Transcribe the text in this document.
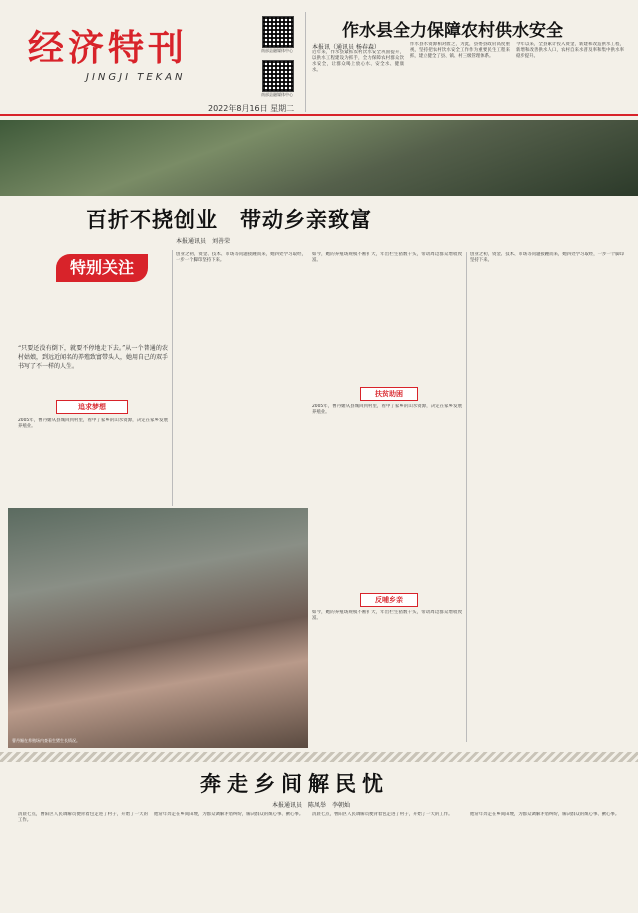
经济特刊
JINGJI TEKAN
2022年8月16日 星期二
南部县融媒体中心
南部县融媒体中心
作水县全力保障农村供水安全
本报讯（通讯员 杨春森）
近年来，作水县紧抓农村饮水安全巩固提升，以供水工程建设为抓手，全力保障农村群众饮水安全，让群众喝上放心水、安全水、健康水。
作水县水资源相对匮乏，为此，县委县政府高度重视，坚持把农村饮水安全工作作为重要民生工程来抓，建立健全了县、镇、村三级管理体系。
今年以来，全县累计投入资金，新建和改造供水工程，新增和改善供水人口，农村自来水普及率和集中供水率稳步提升。
百折不挠创业　带动乡亲致富
本报通讯员　刘善荣
特别关注
“只要还没有倒下，就要不停地走下去。”从一个普通的农村姑娘，到远近闻名的养殖致富带头人，她用自己的双手书写了不一样的人生。
追求梦想
2005年，曹丹媚从县城回到村里，看中了家乡的山水资源，决定在家乡发展养殖业。
创业之初，资金、技术、市场等问题接踵而来，她四处学习取经，一步一个脚印坚持下来。
如今，她的养殖场规模不断扩大，年出栏生猪数千头，带动周边群众增收致富。
扶贫助困
2005年，曹丹媚从县城回到村里，看中了家乡的山水资源，决定在家乡发展养殖业。
创业之初，资金、技术、市场等问题接踵而来，她四处学习取经，一步一个脚印坚持下来。
曹丹媚在养殖场内查看生猪生长情况。
反哺乡亲
如今，她的养殖场规模不断扩大，年出栏生猪数千头，带动周边群众增收致富。
奔走乡间解民忧
本报通讯员　陈凤举　李朝灿
清晨七点，曹阳区人民调解员便背着包走进了村子，开始了一天的工作。
他常年奔走在乡间田埂，为群众调解矛盾纠纷，解决群众的烦心事、揪心事。 清晨七点，曹阳区人民调解员便背着包走进了村子，开始了一天的工作。	他常年奔走在乡间田埂，为群众调解矛盾纠纷，解决群众的烦心事、揪心事。
